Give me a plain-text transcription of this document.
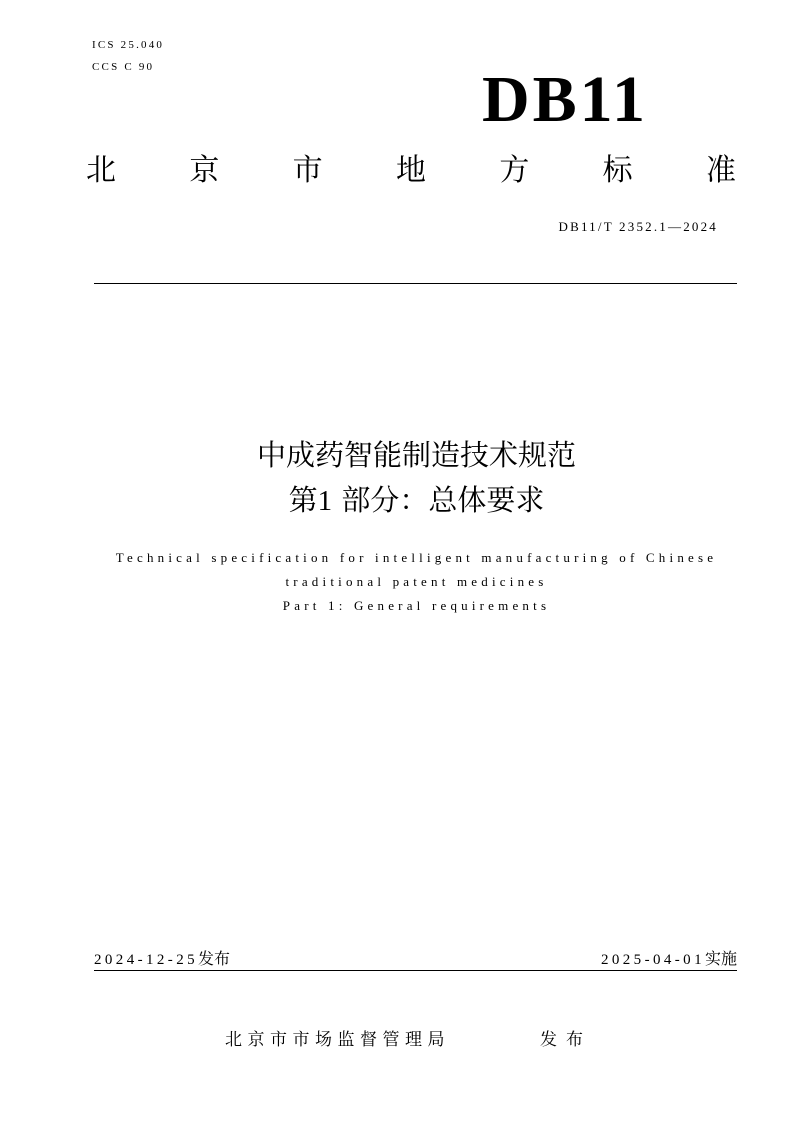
ICS 25.040
CCS C 90	DB11
北 京 市 地 方 标 准
DB11/T 2352.1—2024
中成药智能制造技术规范
第1 部分：总体要求
Technical specification for intelligent manufacturing of Chinese
traditional patent medicines
Part 1: General requirements
2024-12-25发布	2025-04-01实施
北京市市场监督管理局	发布
